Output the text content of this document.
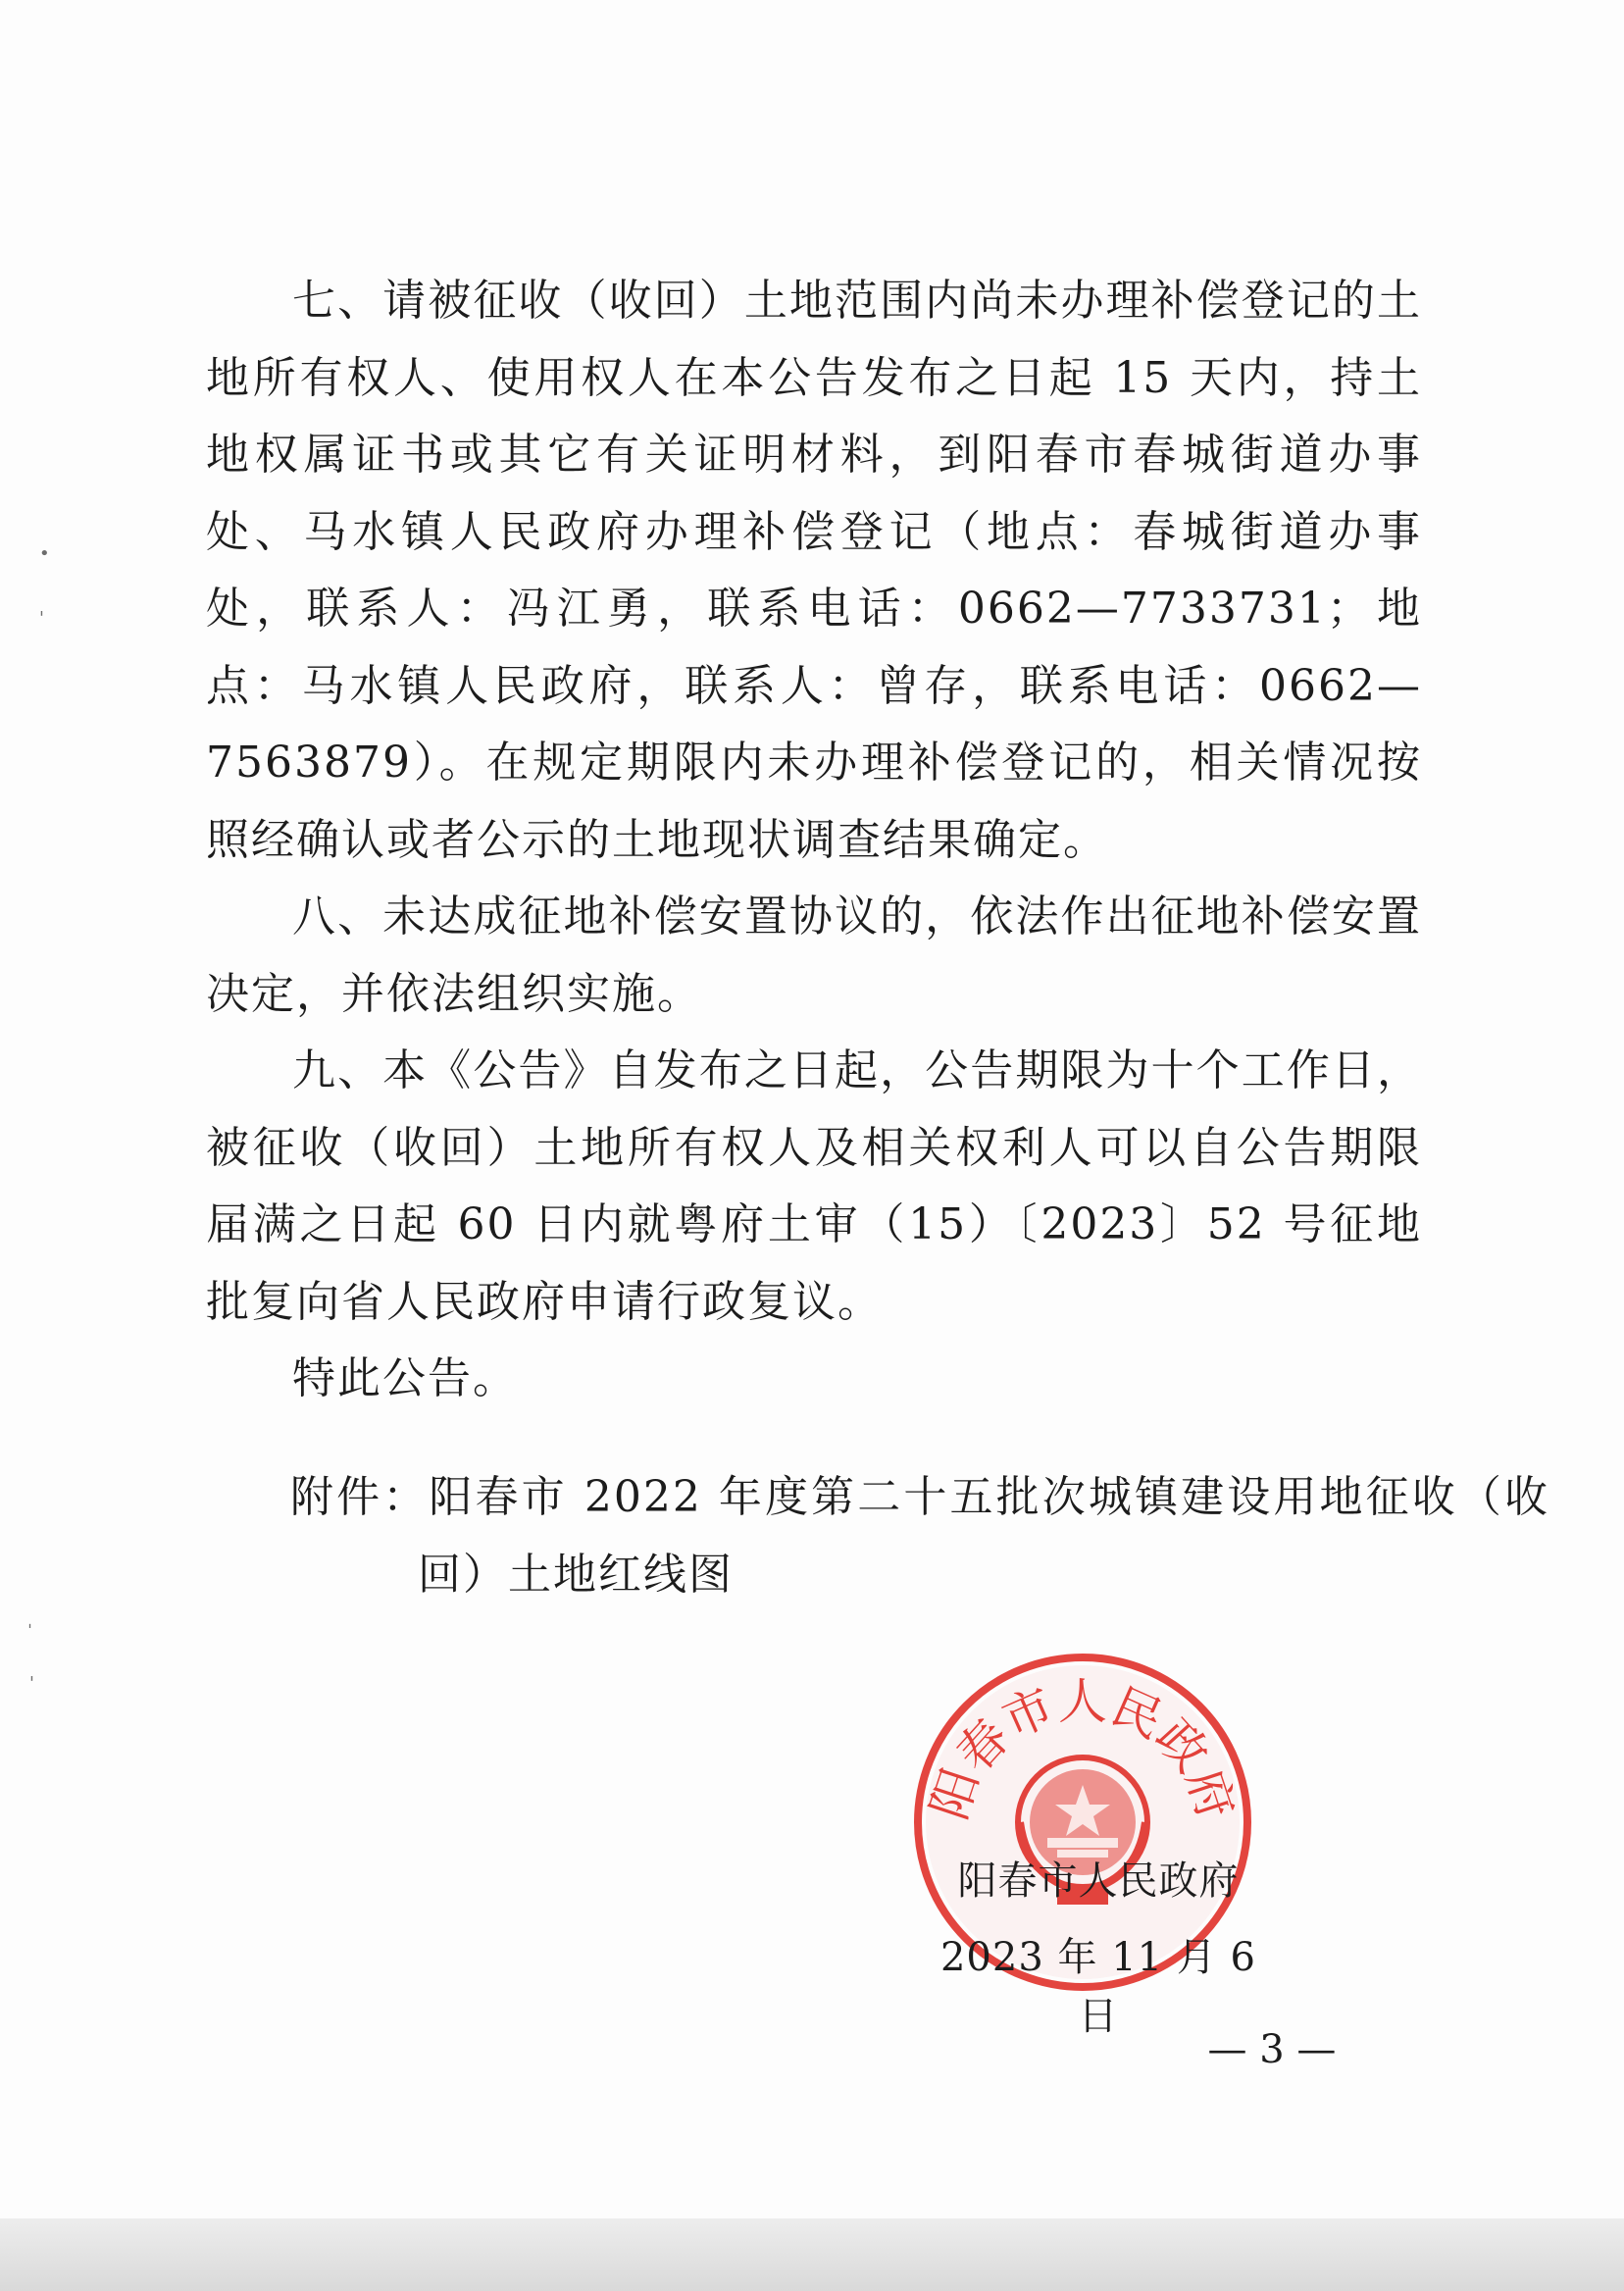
•
'
ˌ
'

七、请被征收（收回）土地范围内尚未办理补偿登记的土地所有权人、使用权人在本公告发布之日起 15 天内，持土地权属证书或其它有关证明材料，到阳春市春城街道办事处、马水镇人民政府办理补偿登记（地点：春城街道办事处，联系人：冯江勇，联系电话：0662—7733731；地点：马水镇人民政府，联系人：曾存，联系电话：0662—7563879）。在规定期限内未办理补偿登记的，相关情况按照经确认或者公示的土地现状调查结果确定。

八、未达成征地补偿安置协议的，依法作出征地补偿安置决定，并依法组织实施。

九、本《公告》自发布之日起，公告期限为十个工作日，被征收（收回）土地所有权人及相关权利人可以自公告期限届满之日起 60 日内就粤府土审（15）〔2023〕52 号征地批复向省人民政府申请行政复议。

特此公告。

附件：阳春市 2022 年度第二十五批次城镇建设用地征收（收回）土地红线图

阳春市人民政府

阳春市人民政府

2023 年 11 月 6 日

— 3 —
